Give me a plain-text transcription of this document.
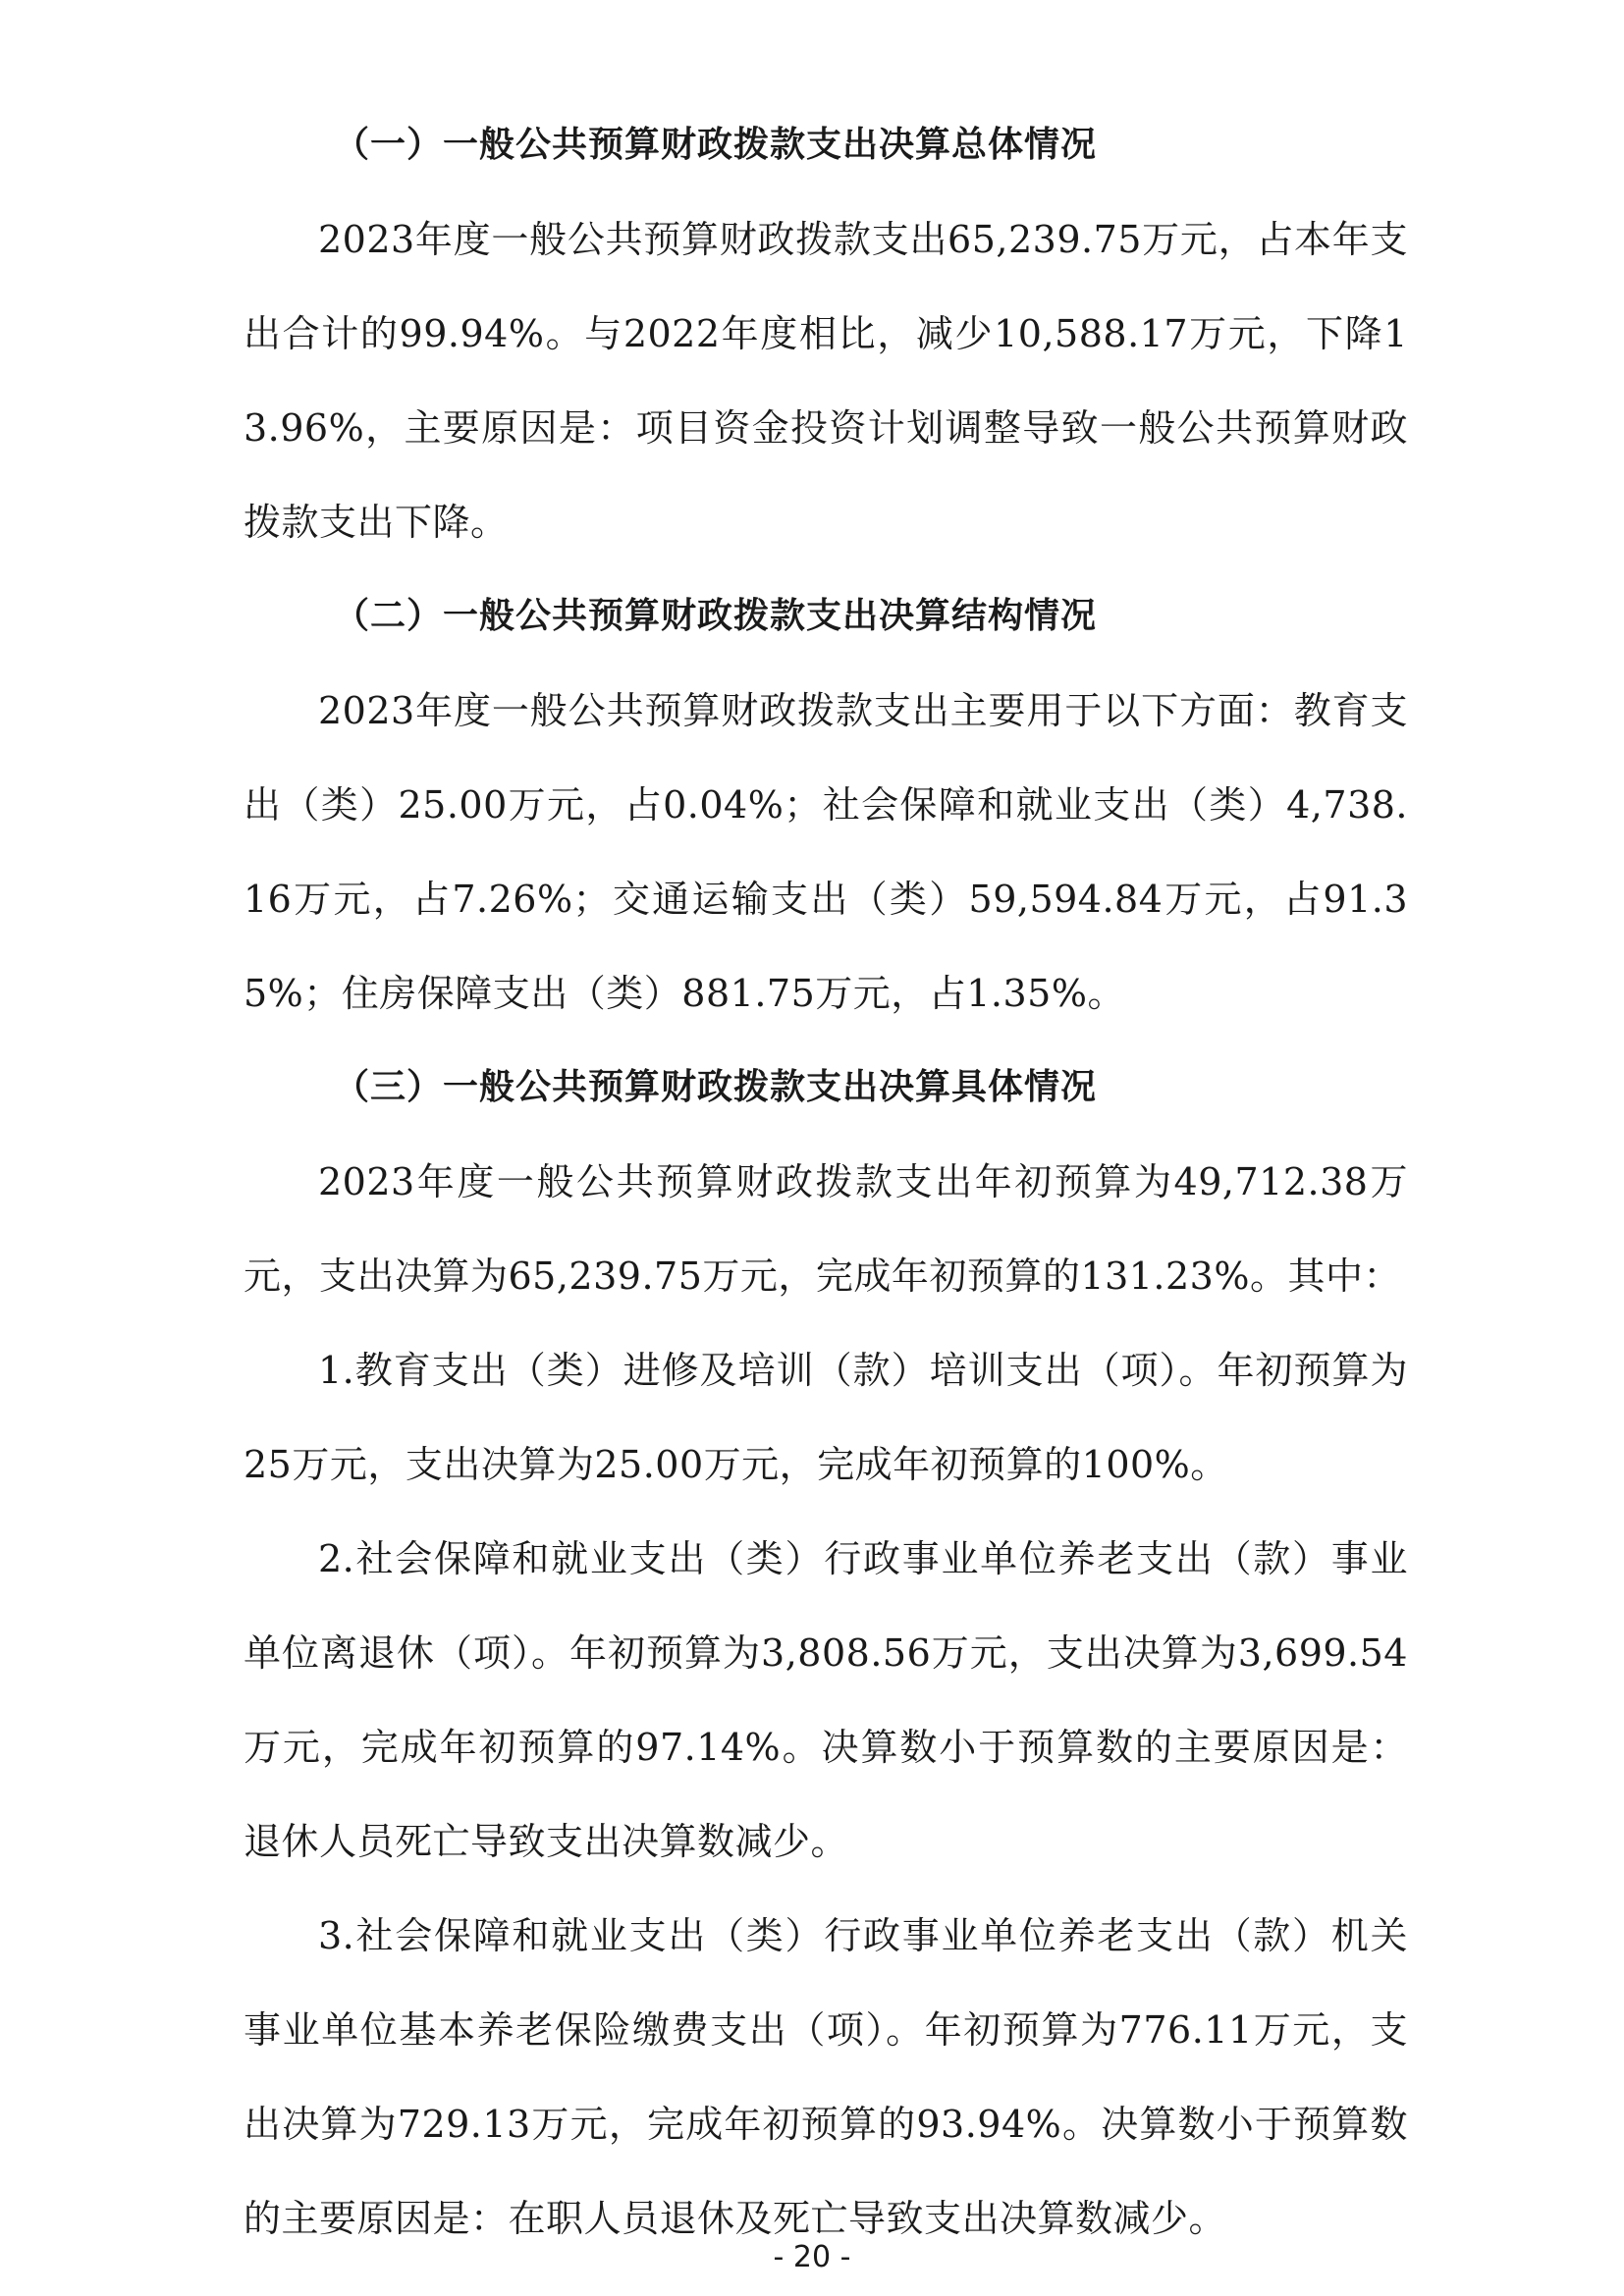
（一）一般公共预算财政拨款支出决算总体情况

2023年度一般公共预算财政拨款支出65,239.75万元，占本年支出合计的99.94%。与2022年度相比，减少10,588.17万元，下降13.96%，主要原因是：项目资金投资计划调整导致一般公共预算财政拨款支出下降。

（二）一般公共预算财政拨款支出决算结构情况

2023年度一般公共预算财政拨款支出主要用于以下方面：教育支出（类）25.00万元，占0.04%；社会保障和就业支出（类）4,738.16万元，占7.26%；交通运输支出（类）59,594.84万元，占91.35%；住房保障支出（类）881.75万元，占1.35%。

（三）一般公共预算财政拨款支出决算具体情况

2023年度一般公共预算财政拨款支出年初预算为49,712.38万元，支出决算为65,239.75万元，完成年初预算的131.23%。其中：

1.教育支出（类）进修及培训（款）培训支出（项）。年初预算为25万元，支出决算为25.00万元，完成年初预算的100%。

2.社会保障和就业支出（类）行政事业单位养老支出（款）事业单位离退休（项）。年初预算为3,808.56万元，支出决算为3,699.54万元，完成年初预算的97.14%。决算数小于预算数的主要原因是：退休人员死亡导致支出决算数减少。

3.社会保障和就业支出（类）行政事业单位养老支出（款）机关事业单位基本养老保险缴费支出（项）。年初预算为776.11万元，支出决算为729.13万元，完成年初预算的93.94%。决算数小于预算数的主要原因是：在职人员退休及死亡导致支出决算数减少。

- 20 -
